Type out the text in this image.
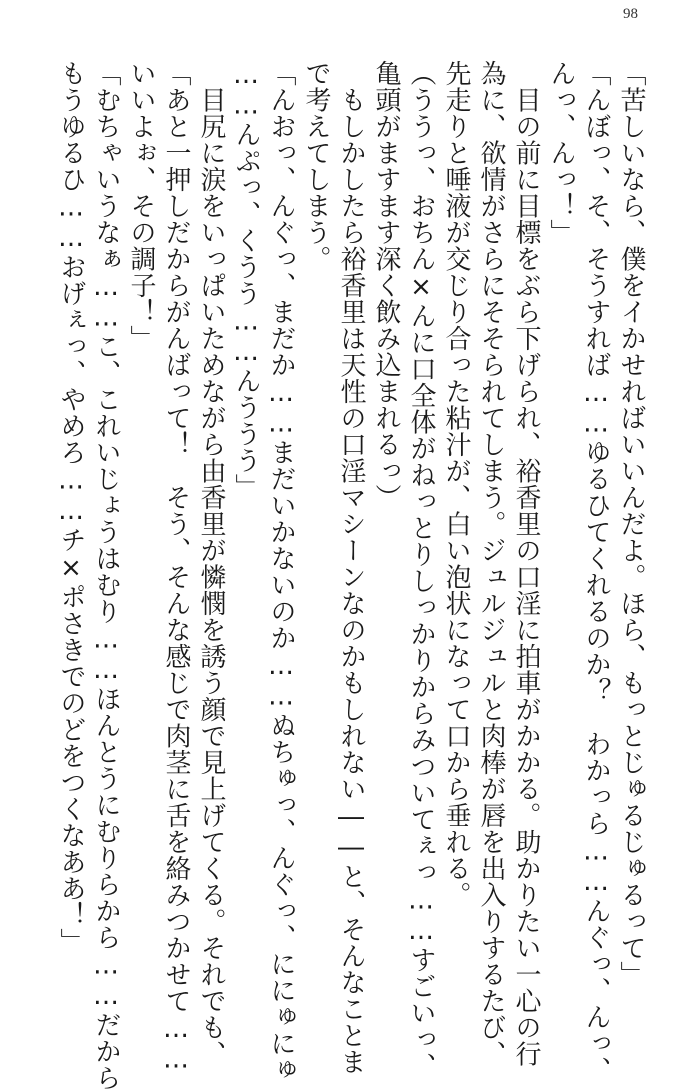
98
「苦しいなら、僕をイかせればいいんだよ。ほら、もっとじゅるじゅるって」
「んぼっ、そ、そうすれば……ゆるひてくれるのか？　わかっら……んぐっ、んっ、
んっ、んっ！」
　目の前に目標をぶら下げられ、裕香里の口淫に拍車がかかる。助かりたい一心の行
為に、欲情がさらにそそられてしまう。ジュルジュルと肉棒が唇を出入りするたび、
先走りと唾液が交じり合った粘汁が、白い泡状になって口から垂れる。
（ううっ、おちん×んに口全体がねっとりしっかりからみついてぇっ……すごいっ、
亀頭がますます深く飲み込まれるっ）
　もしかしたら裕香里は天性の口淫マシーンなのかもしれない――と、そんなことま
で考えてしまう。
「んおっ、んぐっ、まだか……まだいかないのか……ぬちゅっ、んぐっ、ににゅにゅ
……んぷっ、くうう……んううう」
　目尻に涙をいっぱいためながら由香里が憐憫を誘う顔で見上げてくる。それでも、
「あと一押しだからがんばって！　そう、そんな感じで肉茎に舌を絡みつかせて……
いいよぉ、その調子！」
「むちゃいうなぁ……こ、これいじょうはむり……ほんとうにむりらから……だから
もうゆるひ……おげぇっ、やめろ……チ×ポさきでのどをつくなああ！」
